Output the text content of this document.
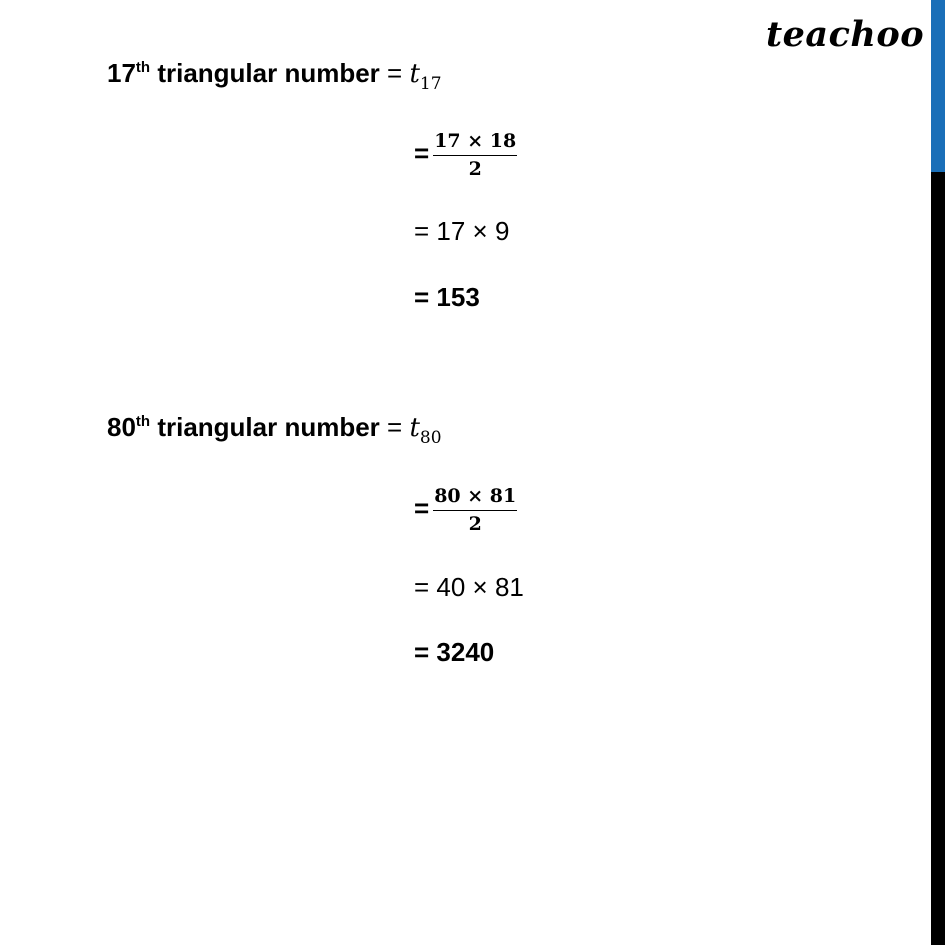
teachoo
17th triangular number = $t_{17}$
= $\frac{17 \times 18}{2}$
= 17 × 9
= 153
80th triangular number = $t_{80}$
= $\frac{80 \times 81}{2}$
= 40 × 81
= 3240
